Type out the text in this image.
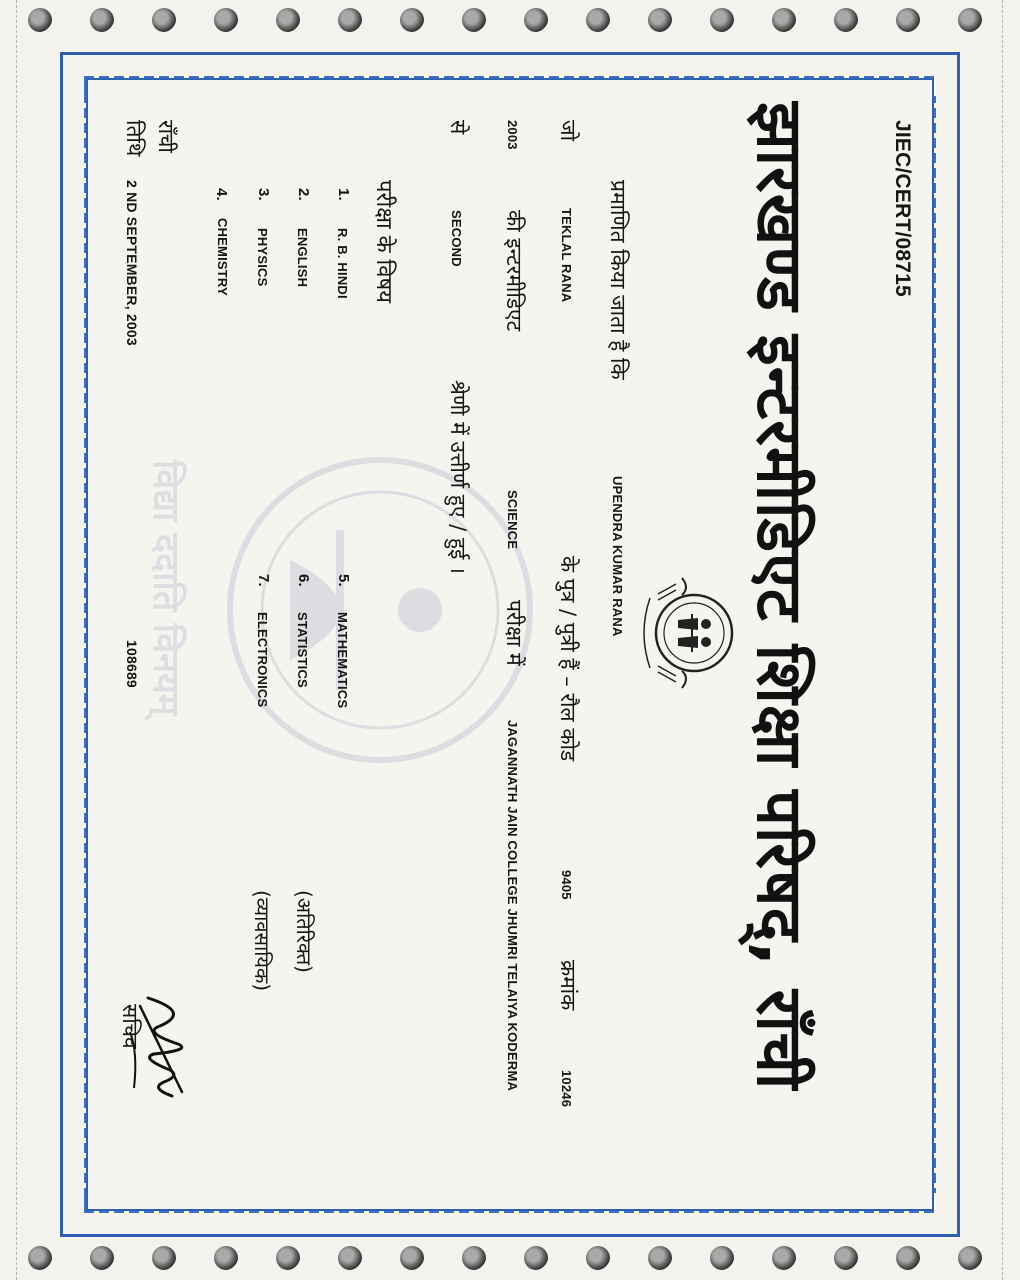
विद्या ददाति विनयम्
JIEC/CERT/08715
झारखण्ड इन्टरमीडिएट शिक्षा परिषद्, राँची
प्रमाणित किया जाता है कि
UPENDRA KUMAR RANA
जो
TEKLAL RANA
के पुत्र / पुत्री हैं – रौल कोड
9405
क्रमांक
10246
2003
की इन्टरमीडिएट
SCIENCE
परीक्षा में
JAGANNATH JAIN COLLEGE JHUMRI TELAIYA KODERMA
से
SECOND
श्रेणी में उत्तीर्ण हुए / हुई ।
परीक्षा के विषय
1.
R. B. HINDI
2.
ENGLISH
3.
PHYSICS
4.
CHEMISTRY
5.
MATHEMATICS
6.
STATISTICS
(अतिरिक्त)
7.
ELECTRONICS
(व्यावसायिक)
राँची
तिथि
2 ND SEPTEMBER, 2003
108689
सचिव
